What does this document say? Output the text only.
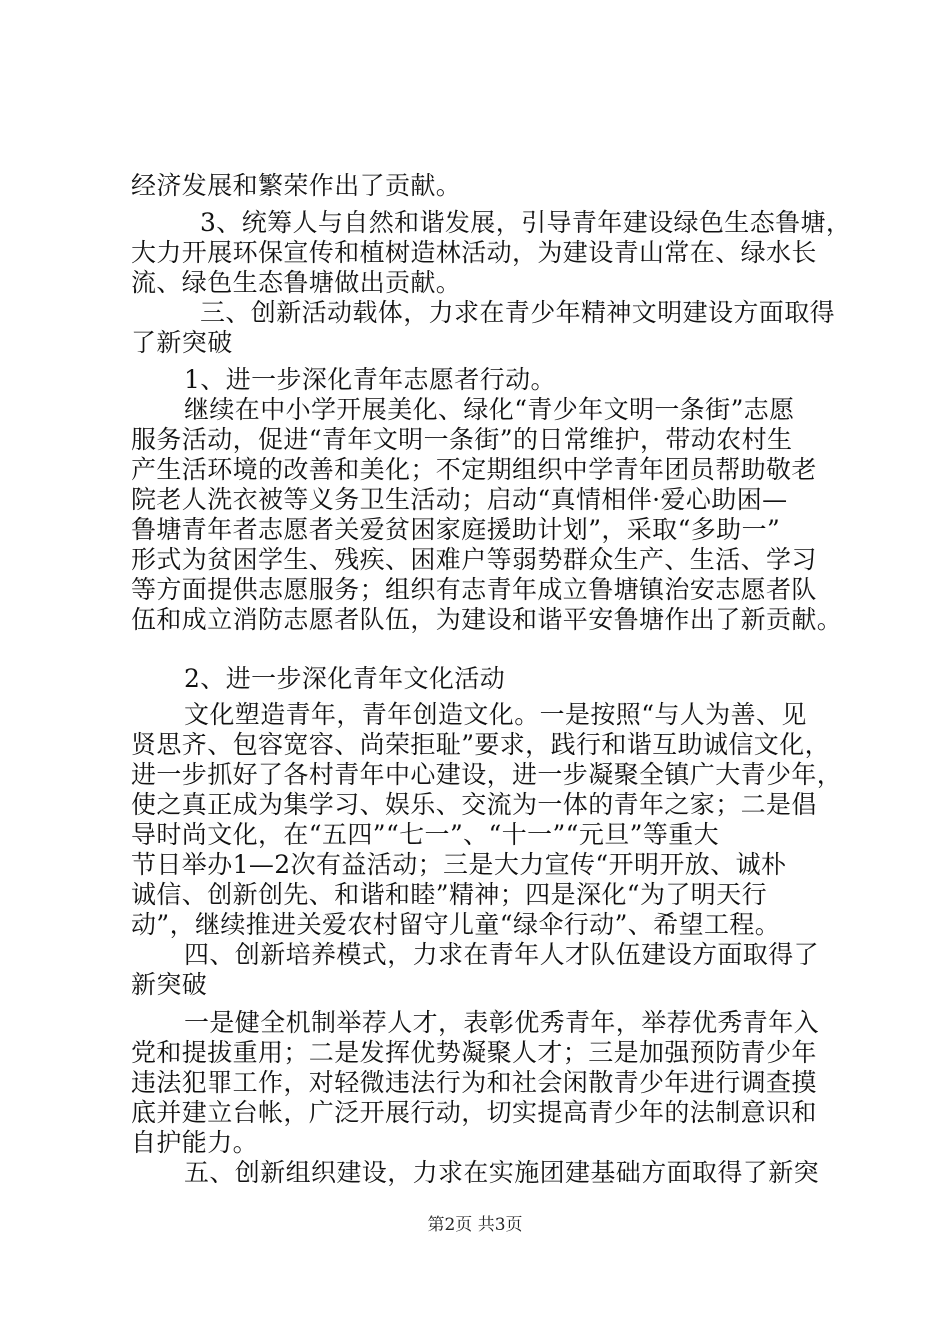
经济发展和繁荣作出了贡献。
3、统筹人与自然和谐发展，引导青年建设绿色生态鲁塘，
大力开展环保宣传和植树造林活动，为建设青山常在、绿水长
流、绿色生态鲁塘做出贡献。
三、创新活动载体，力求在青少年精神文明建设方面取得
了新突破
1、进一步深化青年志愿者行动。
继续在中小学开展美化、绿化“青少年文明一条街”志愿
服务活动，促进“青年文明一条街”的日常维护，带动农村生
产生活环境的改善和美化；不定期组织中学青年团员帮助敬老
院老人洗衣被等义务卫生活动；启动“真情相伴·爱心助困—
鲁塘青年者志愿者关爱贫困家庭援助计划”，采取“多助一”
形式为贫困学生、残疾、困难户等弱势群众生产、生活、学习
等方面提供志愿服务；组织有志青年成立鲁塘镇治安志愿者队
伍和成立消防志愿者队伍，为建设和谐平安鲁塘作出了新贡献。
2、进一步深化青年文化活动
文化塑造青年，青年创造文化。一是按照“与人为善、见
贤思齐、包容宽容、尚荣拒耻”要求，践行和谐互助诚信文化，
进一步抓好了各村青年中心建设，进一步凝聚全镇广大青少年，
使之真正成为集学习、娱乐、交流为一体的青年之家；二是倡
导时尚文化，在“五四”“七一”、“十一”“元旦”等重大
节日举办1—2次有益活动；三是大力宣传“开明开放、诚朴
诚信、创新创先、和谐和睦”精神；四是深化“为了明天行
动”，继续推进关爱农村留守儿童“绿伞行动”、希望工程。
四、创新培养模式，力求在青年人才队伍建设方面取得了
新突破
一是健全机制举荐人才，表彰优秀青年，举荐优秀青年入
党和提拔重用；二是发挥优势凝聚人才；三是加强预防青少年
违法犯罪工作，对轻微违法行为和社会闲散青少年进行调查摸
底并建立台帐，广泛开展行动，切实提高青少年的法制意识和
自护能力。
五、创新组织建设，力求在实施团建基础方面取得了新突
第2页 共3页
